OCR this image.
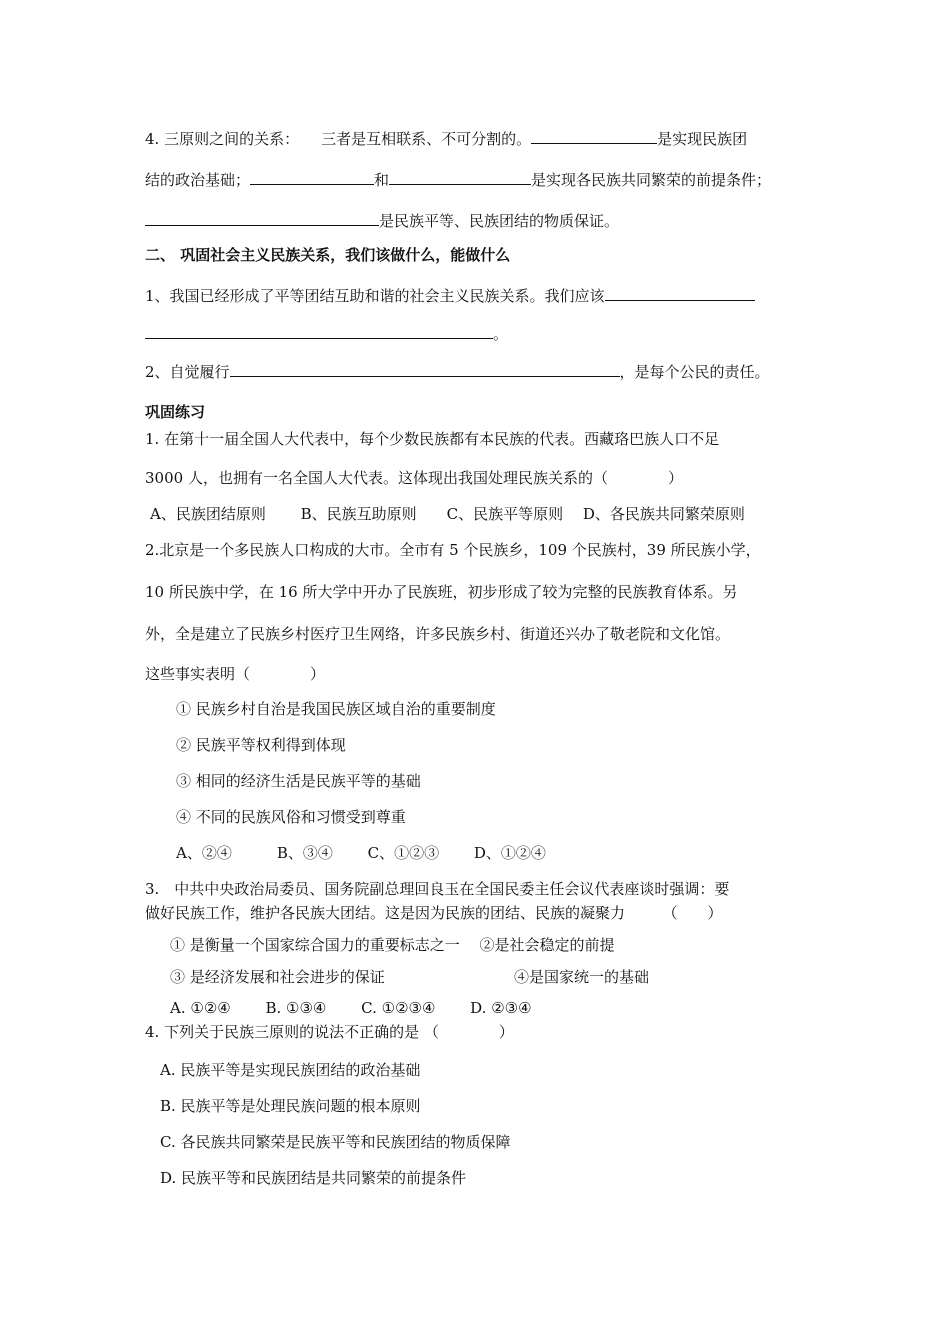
4. 三原则之间的关系： 三者是互相联系、不可分割的。	是实现民族团
结的政治基础；	和	是实现各民族共同繁荣的前提条件；
是民族平等、民族团结的物质保证。
二、 巩固社会主义民族关系，我们该做什么，能做什么
1、我国已经形成了平等团结互助和谐的社会主义民族关系。我们应该
。
2、自觉履行	，是每个公民的责任。
巩固练习
1. 在第十一届全国人大代表中，每个少数民族都有本民族的代表。西藏珞巴族人口不足
3000 人，也拥有一名全国人大代表。这体现出我国处理民族关系的（　　　　）
A、民族团结原则　　 B、民族互助原则　　C、民族平等原则　 D、各民族共同繁荣原则
2.北京是一个多民族人口构成的大市。全市有 5 个民族乡，109 个民族村，39 所民族小学，
10 所民族中学，在 16 所大学中开办了民族班，初步形成了较为完整的民族教育体系。另
外，全是建立了民族乡村医疗卫生网络，许多民族乡村、街道还兴办了敬老院和文化馆。
这些事实表明（　　　　）
① 民族乡村自治是我国民族区域自治的重要制度
② 民族平等权利得到体现
③ 相同的经济生活是民族平等的基础
④ 不同的民族风俗和习惯受到尊重
A、②④　　　B、③④　　 C、①②③　　 D、①②④
3.　中共中央政治局委员、国务院副总理回良玉在全国民委主任会议代表座谈时强调：要
做好民族工作，维护各民族大团结。这是因为民族的团结、民族的凝聚力　　　（　　）
① 是衡量一个国家综合国力的重要标志之一　 ②是社会稳定的前提
③ 是经济发展和社会进步的保证	④是国家统一的基础
A. ①②④　　 B. ①③④　　 C. ①②③④　　 D. ②③④
4. 下列关于民族三原则的说法不正确的是 （　　　　）
A. 民族平等是实现民族团结的政治基础
B. 民族平等是处理民族问题的根本原则
C. 各民族共同繁荣是民族平等和民族团结的物质保障
D. 民族平等和民族团结是共同繁荣的前提条件
